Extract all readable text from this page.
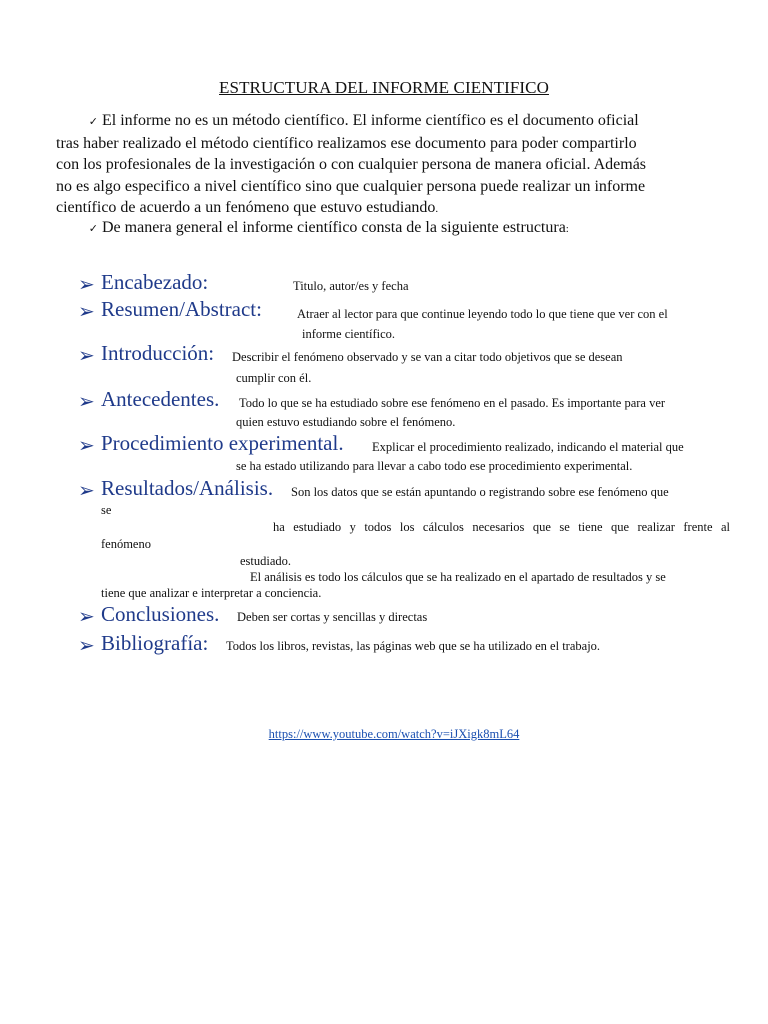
ESTRUCTURA DEL INFORME CIENTIFICO

✓ El informe no es un método científico. El informe científico es el documento oficial

tras haber realizado el método científico realizamos ese documento para poder compartirlo

con los profesionales de la investigación o con cualquier persona de manera oficial. Además

no es algo especifico a nivel científico sino que cualquier persona puede realizar un informe

científico de acuerdo a un fenómeno que estuvo estudiando.

✓ De manera general el informe científico consta de la siguiente estructura:
➢ Encabezado:	Titulo, autor/es y fecha
➢ Resumen/Abstract:	Atraer al lector para que continue leyendo todo lo que tiene que ver con el
informe científico.
➢ Introducción: Describir el fenómeno observado y se van a citar todo objetivos que se desean
cumplir con él.
➢ Antecedentes. Todo lo que se ha estudiado sobre ese fenómeno en el pasado. Es importante para ver
quien estuvo estudiando sobre el fenómeno.
➢ Procedimiento experimental. Explicar el procedimiento realizado, indicando el material que
se ha estado utilizando para llevar a cabo todo ese procedimiento experimental.
➢ Resultados/Análisis. Son los datos que se están apuntando o registrando sobre ese fenómeno que
se
ha estudiado y todos los cálculos necesarios que se tiene que realizar frente al
fenómeno
estudiado.
El análisis es todo los cálculos que se ha realizado en el apartado de resultados y se
tiene que analizar e interpretar a conciencia.
➢ Conclusiones. Deben ser cortas y sencillas y directas
➢ Bibliografía: Todos los libros, revistas, las páginas web que se ha utilizado en el trabajo.
https://www.youtube.com/watch?v=iJXigk8mL64
